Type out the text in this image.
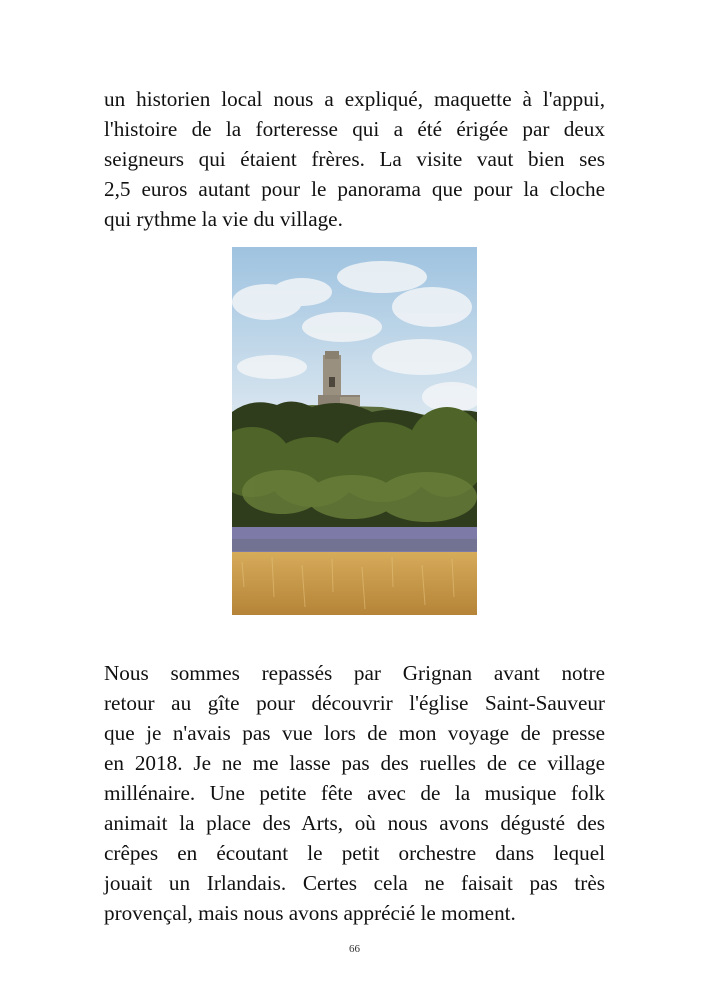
un historien local nous a expliqué, maquette à l'appui,
l'histoire de la forteresse qui a été érigée par deux
seigneurs qui étaient frères. La visite vaut bien ses
2,5 euros autant pour le panorama que pour la cloche
qui rythme la vie du village.

Nous sommes repassés par Grignan avant notre
retour au gîte pour découvrir l'église Saint-Sauveur
que je n'avais pas vue lors de mon voyage de presse
en 2018. Je ne me lasse pas des ruelles de ce village
millénaire. Une petite fête avec de la musique folk
animait la place des Arts, où nous avons dégusté des
crêpes en écoutant le petit orchestre dans lequel
jouait un Irlandais. Certes cela ne faisait pas très
provençal, mais nous avons apprécié le moment.

66
